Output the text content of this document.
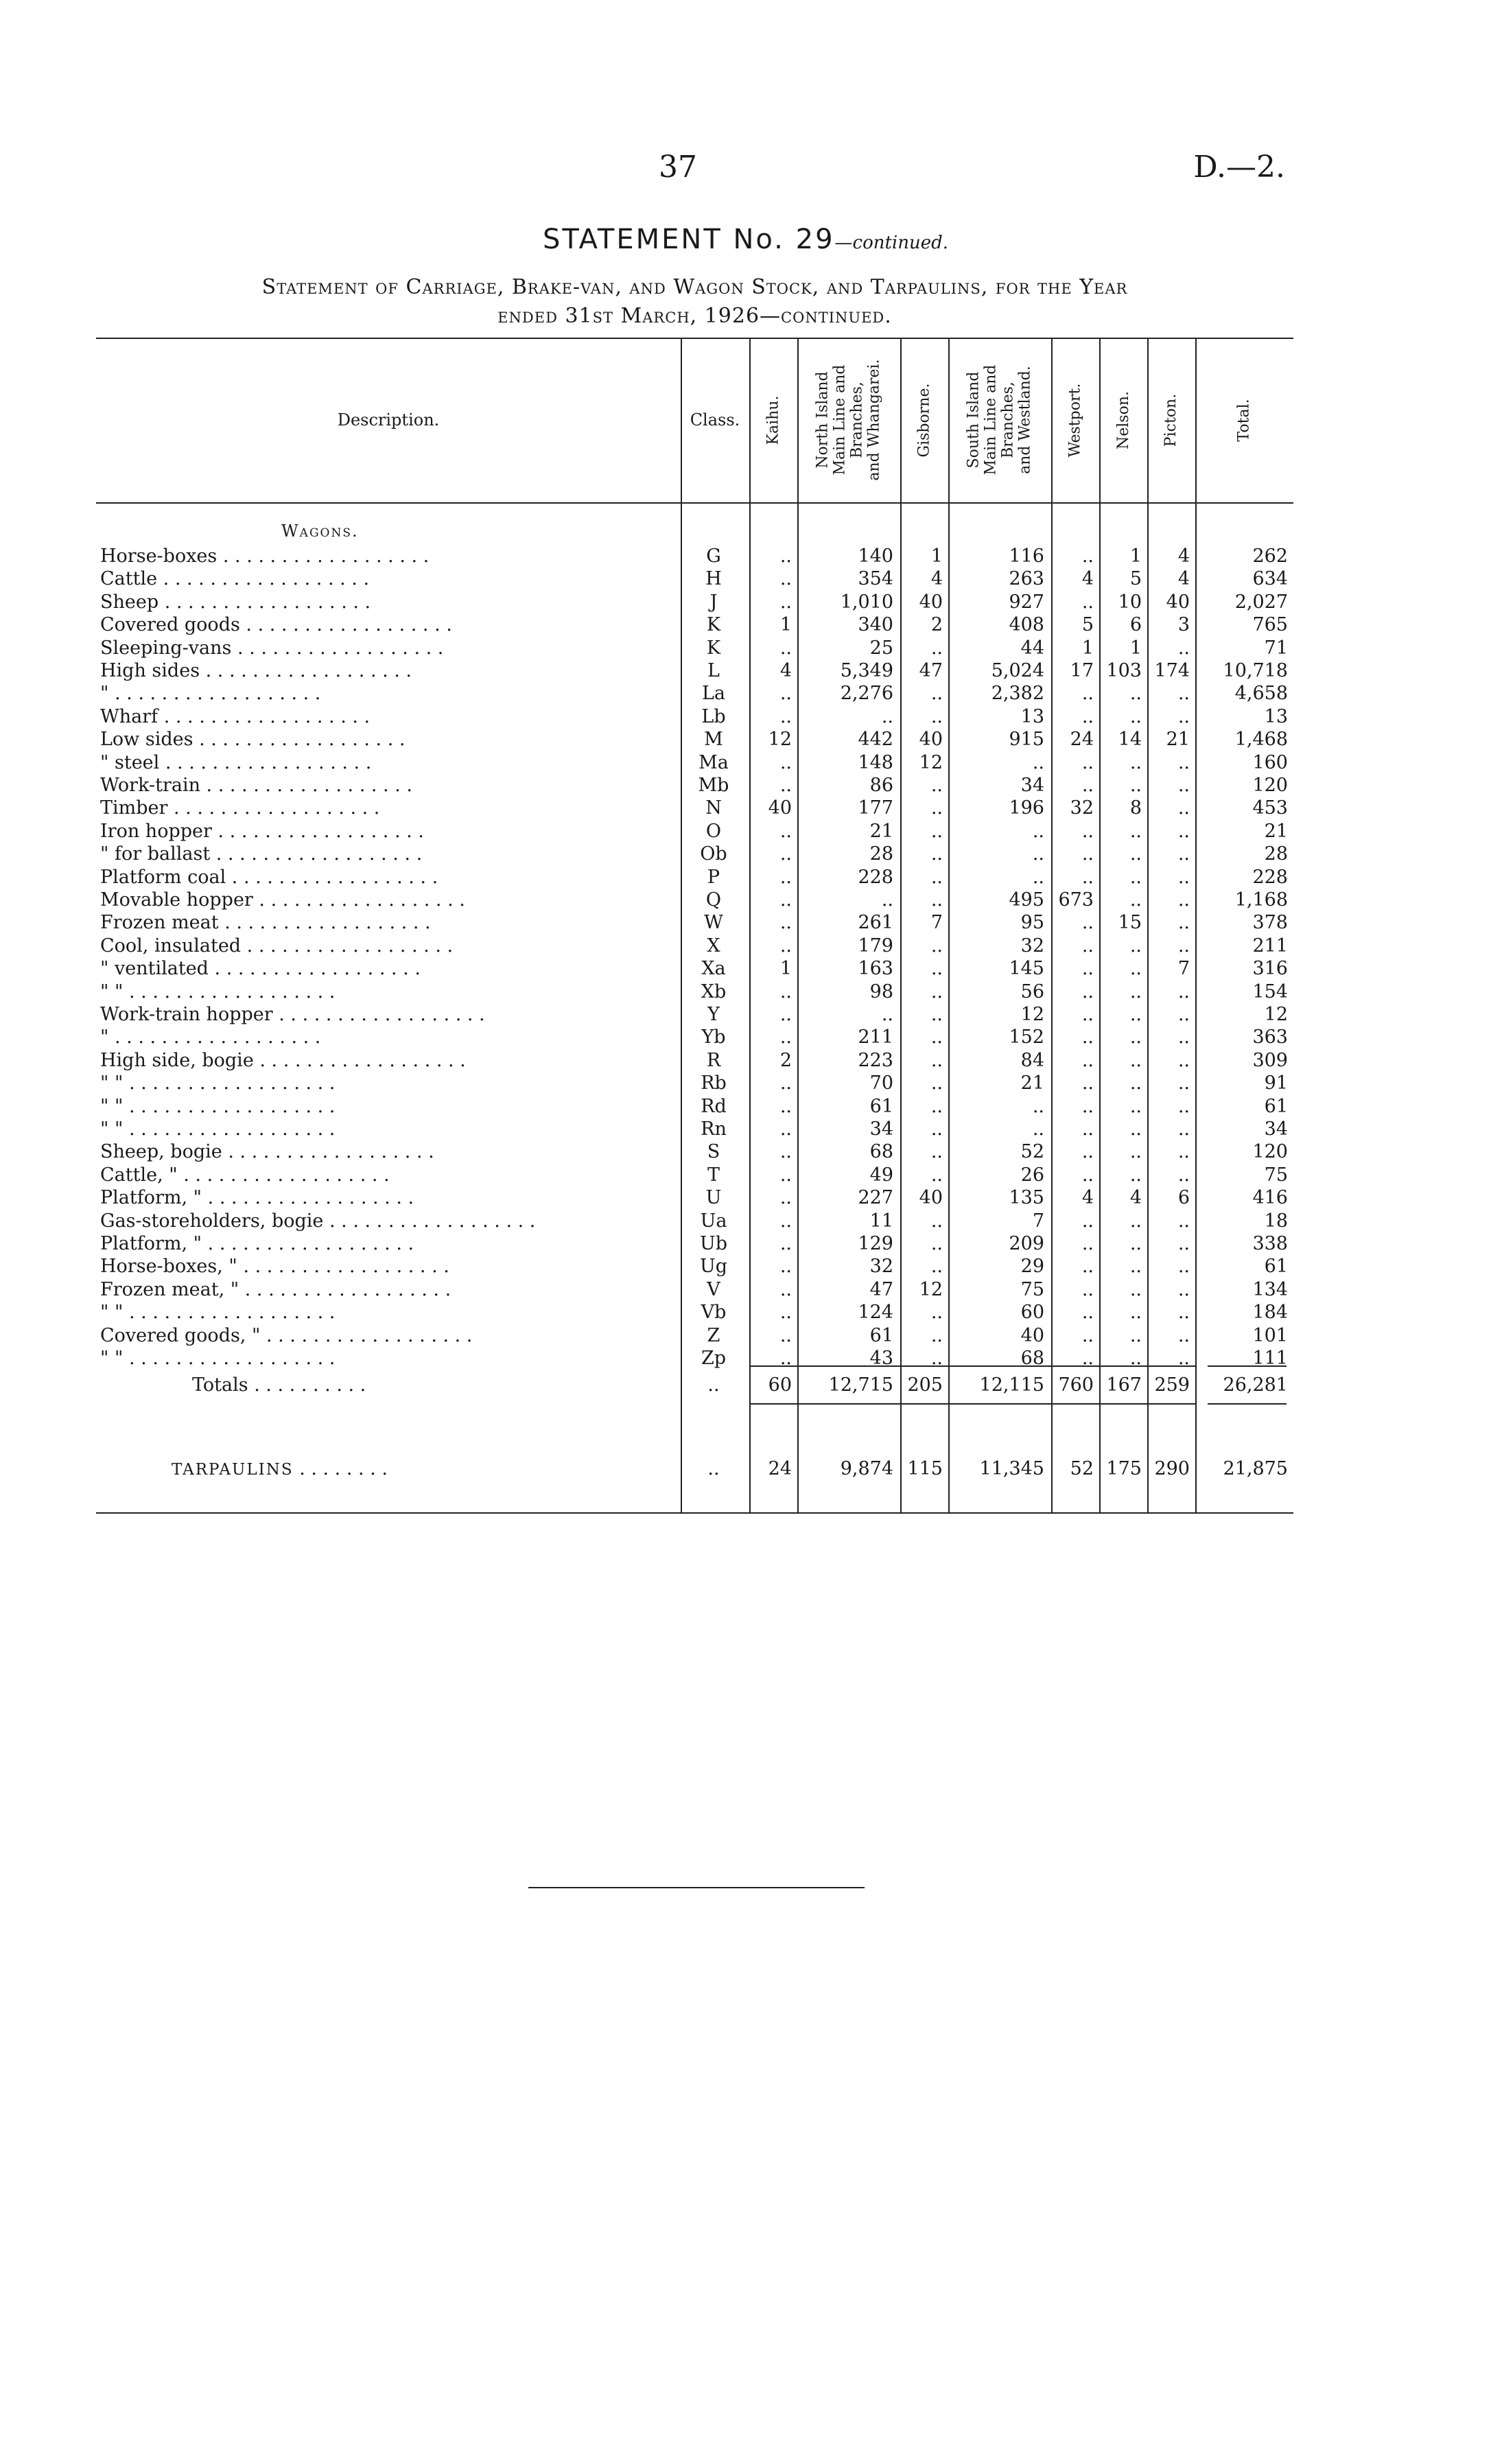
37	D.—2.
STATEMENT No. 29—continued.
Statement of Carriage, Brake-van, and Wagon Stock, and Tarpaulins, for the Year
ended 31st March, 1926—continued.
Description.	Class. Kaihu. North Island Main Line and Branches, and Whangarei. Gisborne. South Island Main Line and Branches, and Westland. Westport. Nelson. Picton.	Total.
Wagons.
Horse-boxes . . . . . . . . . . . . . . . . . .	G	..	140	1	116	..	1	4	262
Cattle . . . . . . . . . . . . . . . . . .	H	..	354	4	263	4	5	4	634
Sheep . . . . . . . . . . . . . . . . . .	J	..	1,010	40	927	..	10	40	2,027
Covered goods . . . . . . . . . . . . . . . . . .	K	1	340	2	408	5	6	3	765
Sleeping-vans . . . . . . . . . . . . . . . . . .	K	..	25	..	44	1	1	..	71
High sides . . . . . . . . . . . . . . . . . .	L	4	5,349	47	5,024	17 103 174	10,718
" . . . . . . . . . . . . . . . . . .	La	..	2,276	..	2,382	..	..	..	4,658
Wharf . . . . . . . . . . . . . . . . . .	Lb	..	..	..	13	..	..	..	13
Low sides . . . . . . . . . . . . . . . . . .	M	12	442	40	915	24	14	21	1,468
" steel . . . . . . . . . . . . . . . . . .	Ma	..	148	12	..	..	..	..	160
Work-train . . . . . . . . . . . . . . . . . .	Mb	..	86	..	34	..	..	..	120
Timber . . . . . . . . . . . . . . . . . .	N	40	177	..	196	32	8	..	453
Iron hopper . . . . . . . . . . . . . . . . . .	O	..	21	..	..	..	..	..	21
" for ballast . . . . . . . . . . . . . . . . . .	Ob	..	28	..	..	..	..	..	28
Platform coal . . . . . . . . . . . . . . . . . .	P	..	228	..	..	..	..	..	228
Movable hopper . . . . . . . . . . . . . . . . . .	Q	..	..	..	495 673	..	..	1,168
Frozen meat . . . . . . . . . . . . . . . . . .	W	..	261	7	95	..	15	..	378
Cool, insulated . . . . . . . . . . . . . . . . . .	X	..	179	..	32	..	..	..	211
" ventilated . . . . . . . . . . . . . . . . . .	Xa	1	163	..	145	..	..	7	316
" " . . . . . . . . . . . . . . . . . .	Xb	..	98	..	56	..	..	..	154
Work-train hopper . . . . . . . . . . . . . . . . . .	Y	..	..	..	12	..	..	..	12
" . . . . . . . . . . . . . . . . . .	Yb	..	211	..	152	..	..	..	363
High side, bogie . . . . . . . . . . . . . . . . . .	R	2	223	..	84	..	..	..	309
" " . . . . . . . . . . . . . . . . . .	Rb	..	70	..	21	..	..	..	91
" " . . . . . . . . . . . . . . . . . .	Rd	..	61	..	..	..	..	..	61
" " . . . . . . . . . . . . . . . . . .	Rn	..	34	..	..	..	..	..	34
Sheep, bogie . . . . . . . . . . . . . . . . . .	S	..	68	..	52	..	..	..	120
Cattle, " . . . . . . . . . . . . . . . . . .	T	..	49	..	26	..	..	..	75
Platform, " . . . . . . . . . . . . . . . . . .	U	..	227	40	135	4	4	6	416
Gas-storeholders, bogie . . . . . . . . . . . . . . . . . .	Ua	..	11	..	7	..	..	..	18
Platform, " . . . . . . . . . . . . . . . . . .	Ub	..	129	..	209	..	..	..	338
Horse-boxes, " . . . . . . . . . . . . . . . . . .	Ug	..	32	..	29	..	..	..	61
Frozen meat, " . . . . . . . . . . . . . . . . . .	V	..	47	12	75	..	..	..	134
" " . . . . . . . . . . . . . . . . . .	Vb	..	124	..	60	..	..	..	184
Covered goods, " . . . . . . . . . . . . . . . . . .	Z	..	61	..	40	..	..	..	101
" " . . . . . . . . . . . . . . . . . .	Zp	..	43	..	68	..	..	..	111
Totals . . . . . . . . . .	..	60	12,715 205	12,115 760 167 259	26,281
TARPAULINS . . . . . . . .	..	24	9,874 115	11,345	52 175 290	21,875
